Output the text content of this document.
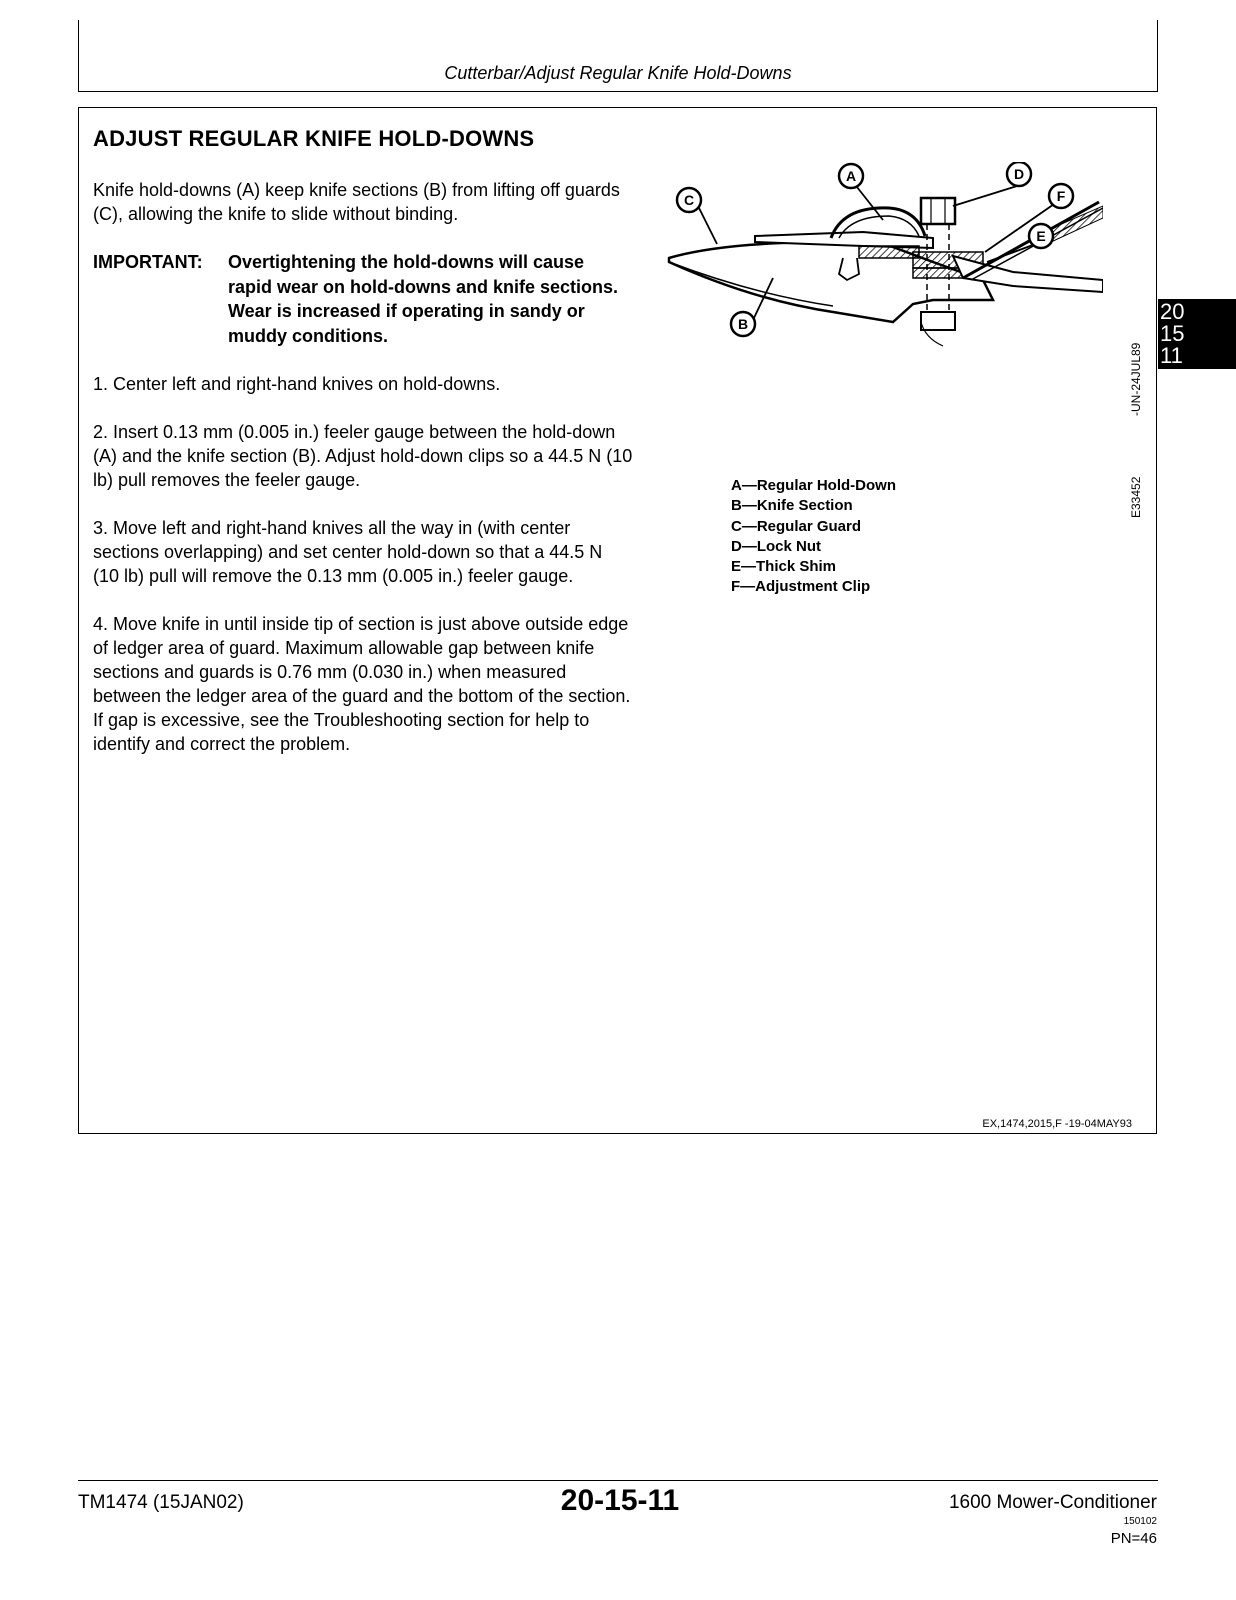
Cutterbar/Adjust Regular Knife Hold-Downs
ADJUST REGULAR KNIFE HOLD-DOWNS

Knife hold-downs (A) keep knife sections (B) from lifting off guards (C), allowing the knife to slide without binding.

IMPORTANT:	Overtightening the hold-downs will cause rapid wear on hold-downs and knife sections. Wear is increased if operating in sandy or muddy conditions.

1. Center left and right-hand knives on hold-downs.

2. Insert 0.13 mm (0.005 in.) feeler gauge between the hold-down (A) and the knife section (B). Adjust hold-down clips so a 44.5 N (10 lb) pull removes the feeler gauge.

3. Move left and right-hand knives all the way in (with center sections overlapping) and set center hold-down so that a 44.5 N (10 lb) pull will remove the 0.13 mm (0.005 in.) feeler gauge.

4. Move knife in until inside tip of section is just above outside edge of ledger area of guard. Maximum allowable gap between knife sections and guards is 0.76 mm (0.030 in.) when measured between the ledger area of the guard and the bottom of the section. If gap is excessive, see the Troubleshooting section for help to identify and correct the problem.

A
B
C
D
E
F
-UN-24JUL89
E33452
A—Regular Hold-Down
B—Knife Section
C—Regular Guard
D—Lock Nut
E—Thick Shim
F—Adjustment Clip
EX,1474,2015,F -19-04MAY93
20
15
11
TM1474 (15JAN02)	20-15-11	1600 Mower-Conditioner
150102
PN=46
